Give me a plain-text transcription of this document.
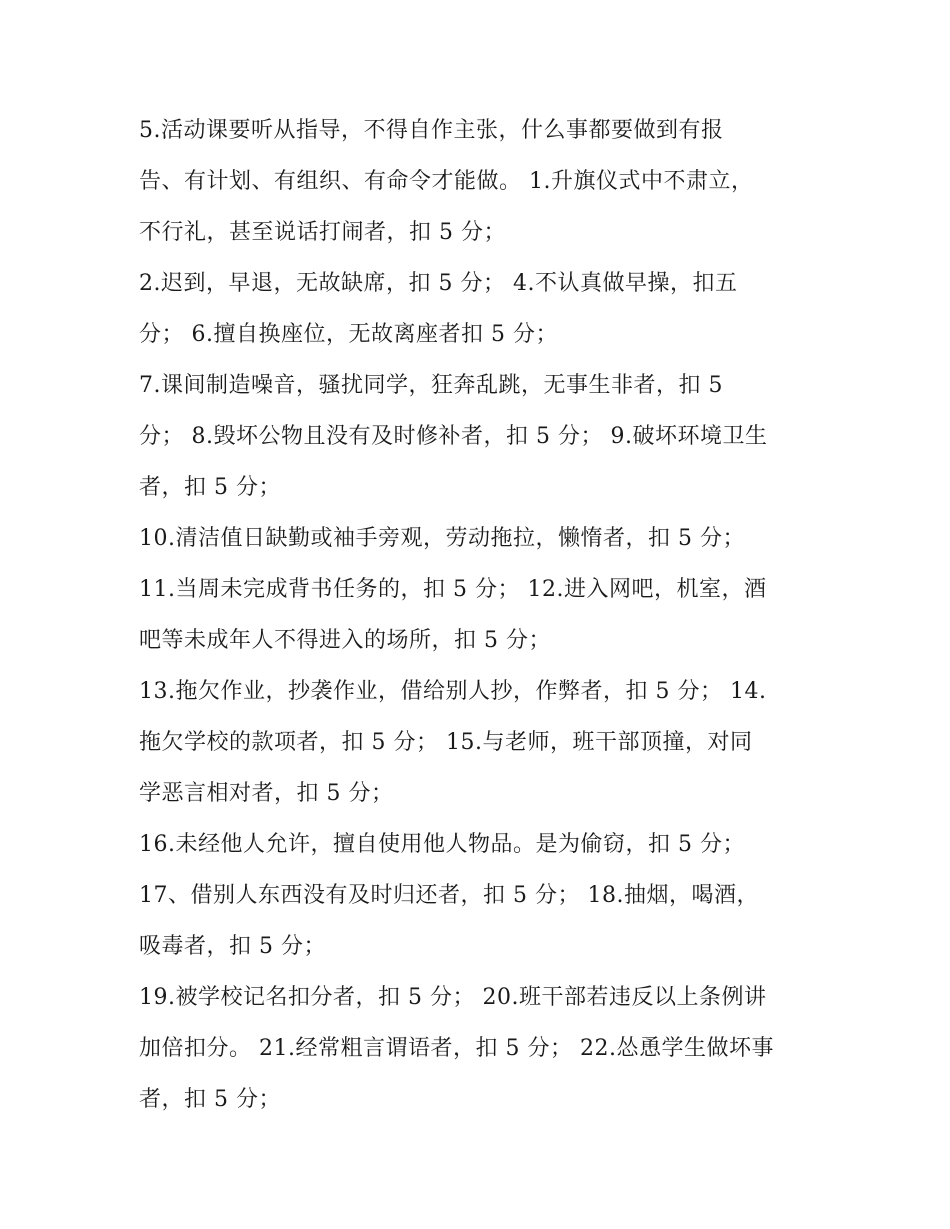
5.活动课要听从指导，不得自作主张，什么事都要做到有报
告、有计划、有组织、有命令才能做。 1.升旗仪式中不肃立，
不行礼，甚至说话打闹者，扣 5 分；
2.迟到，早退，无故缺席，扣 5 分； 4.不认真做早操，扣五
分； 6.擅自换座位，无故离座者扣 5 分；
7.课间制造噪音，骚扰同学，狂奔乱跳，无事生非者，扣 5
分； 8.毁坏公物且没有及时修补者，扣 5 分； 9.破坏环境卫生
者，扣 5 分；
10.清洁值日缺勤或袖手旁观，劳动拖拉，懒惰者，扣 5 分；
11.当周未完成背书任务的，扣 5 分； 12.进入网吧，机室，酒
吧等未成年人不得进入的场所，扣 5 分；
13.拖欠作业，抄袭作业，借给别人抄，作弊者，扣 5 分； 14.
拖欠学校的款项者，扣 5 分； 15.与老师，班干部顶撞，对同
学恶言相对者，扣 5 分；
16.未经他人允许，擅自使用他人物品。是为偷窃，扣 5 分；
17、借别人东西没有及时归还者，扣 5 分； 18.抽烟，喝酒，
吸毒者，扣 5 分；
19.被学校记名扣分者，扣 5 分； 20.班干部若违反以上条例讲
加倍扣分。 21.经常粗言谓语者，扣 5 分； 22.怂恿学生做坏事
者，扣 5 分；
